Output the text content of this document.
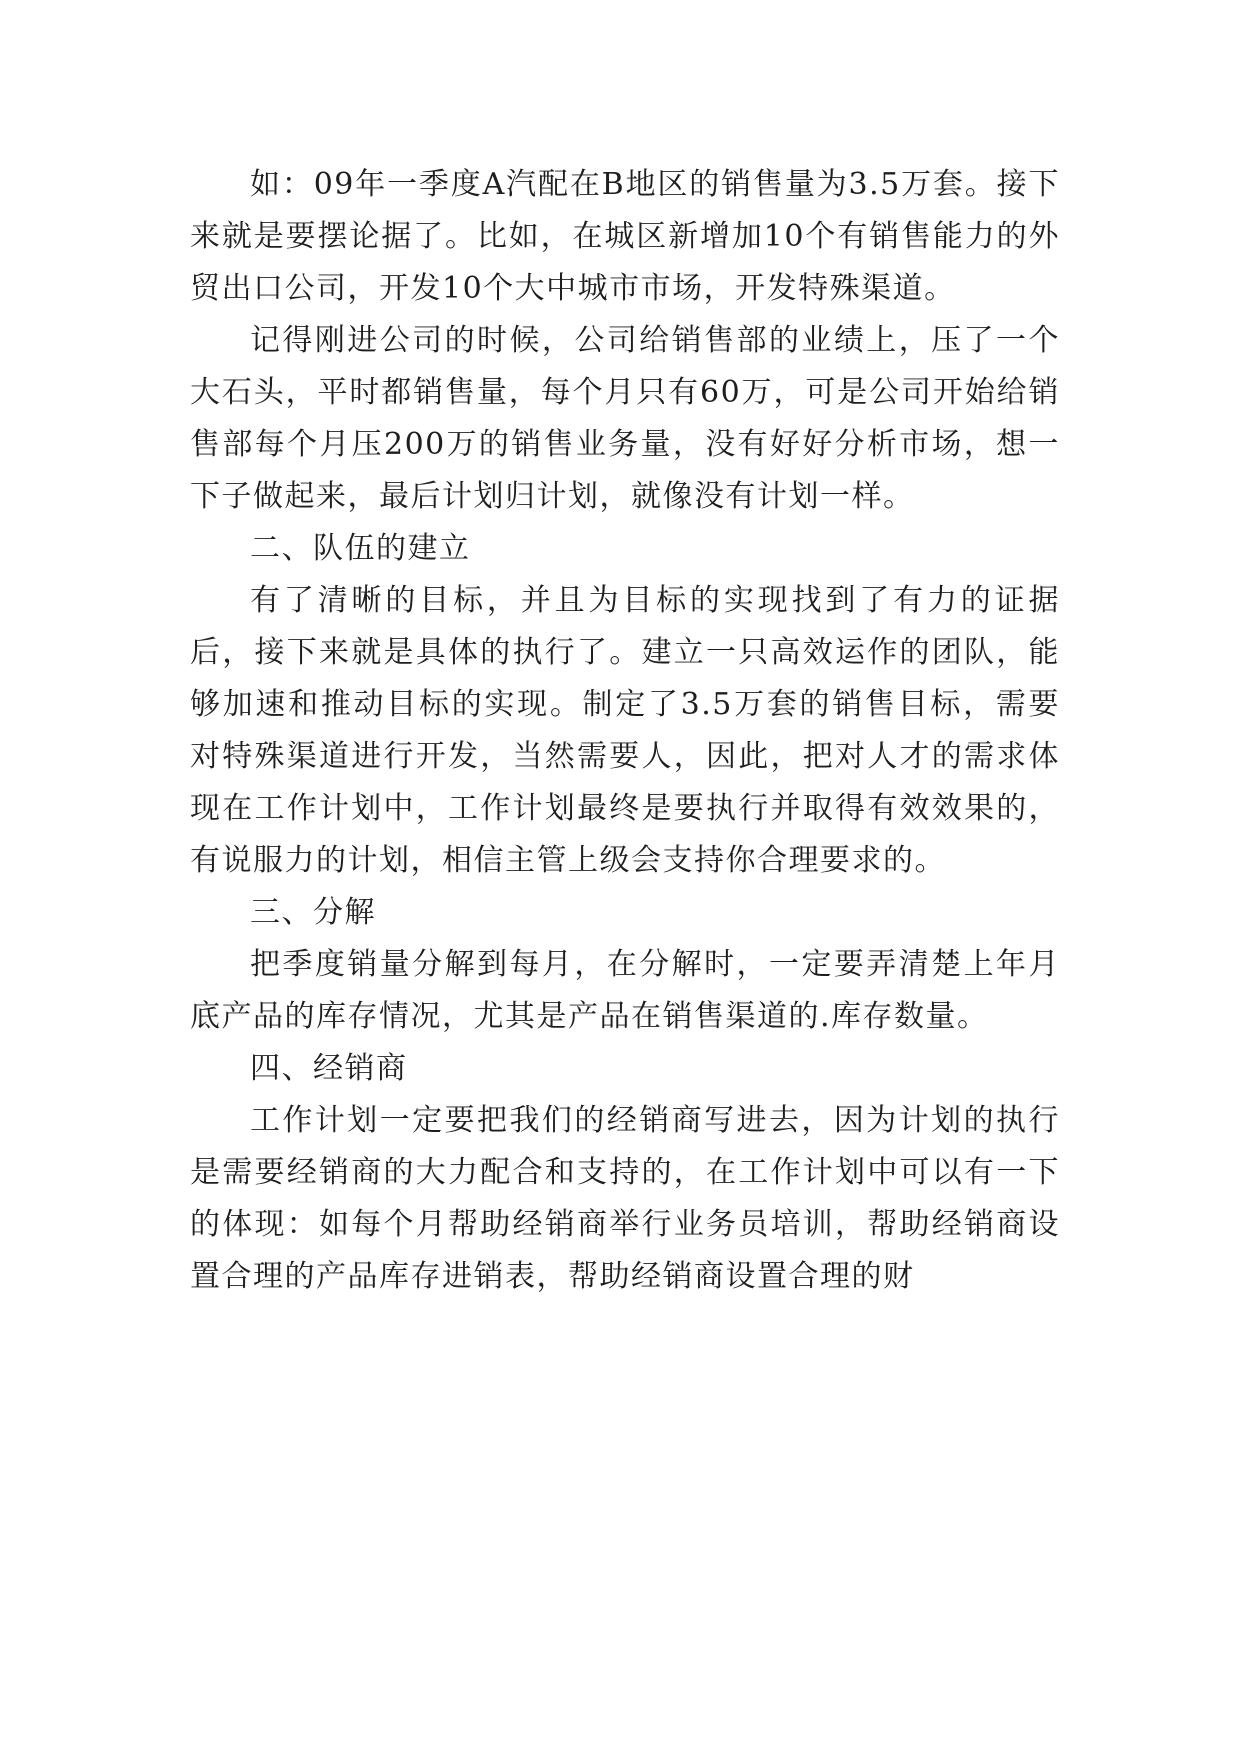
如：09年一季度A汽配在B地区的销售量为3.5万套。接下来就是要摆论据了。比如，在城区新增加10个有销售能力的外贸出口公司，开发10个大中城市市场，开发特殊渠道。

记得刚进公司的时候，公司给销售部的业绩上，压了一个大石头，平时都销售量，每个月只有60万，可是公司开始给销售部每个月压200万的销售业务量，没有好好分析市场，想一下子做起来，最后计划归计划，就像没有计划一样。

二、队伍的建立

有了清晰的目标，并且为目标的实现找到了有力的证据后，接下来就是具体的执行了。建立一只高效运作的团队，能够加速和推动目标的实现。制定了3.5万套的销售目标，需要对特殊渠道进行开发，当然需要人，因此，把对人才的需求体现在工作计划中，工作计划最终是要执行并取得有效效果的，有说服力的计划，相信主管上级会支持你合理要求的。

三、分解

把季度销量分解到每月，在分解时，一定要弄清楚上年月底产品的库存情况，尤其是产品在销售渠道的.库存数量。

四、经销商

工作计划一定要把我们的经销商写进去，因为计划的执行是需要经销商的大力配合和支持的，在工作计划中可以有一下的体现：如每个月帮助经销商举行业务员培训，帮助经销商设置合理的产品库存进销表，帮助经销商设置合理的财
